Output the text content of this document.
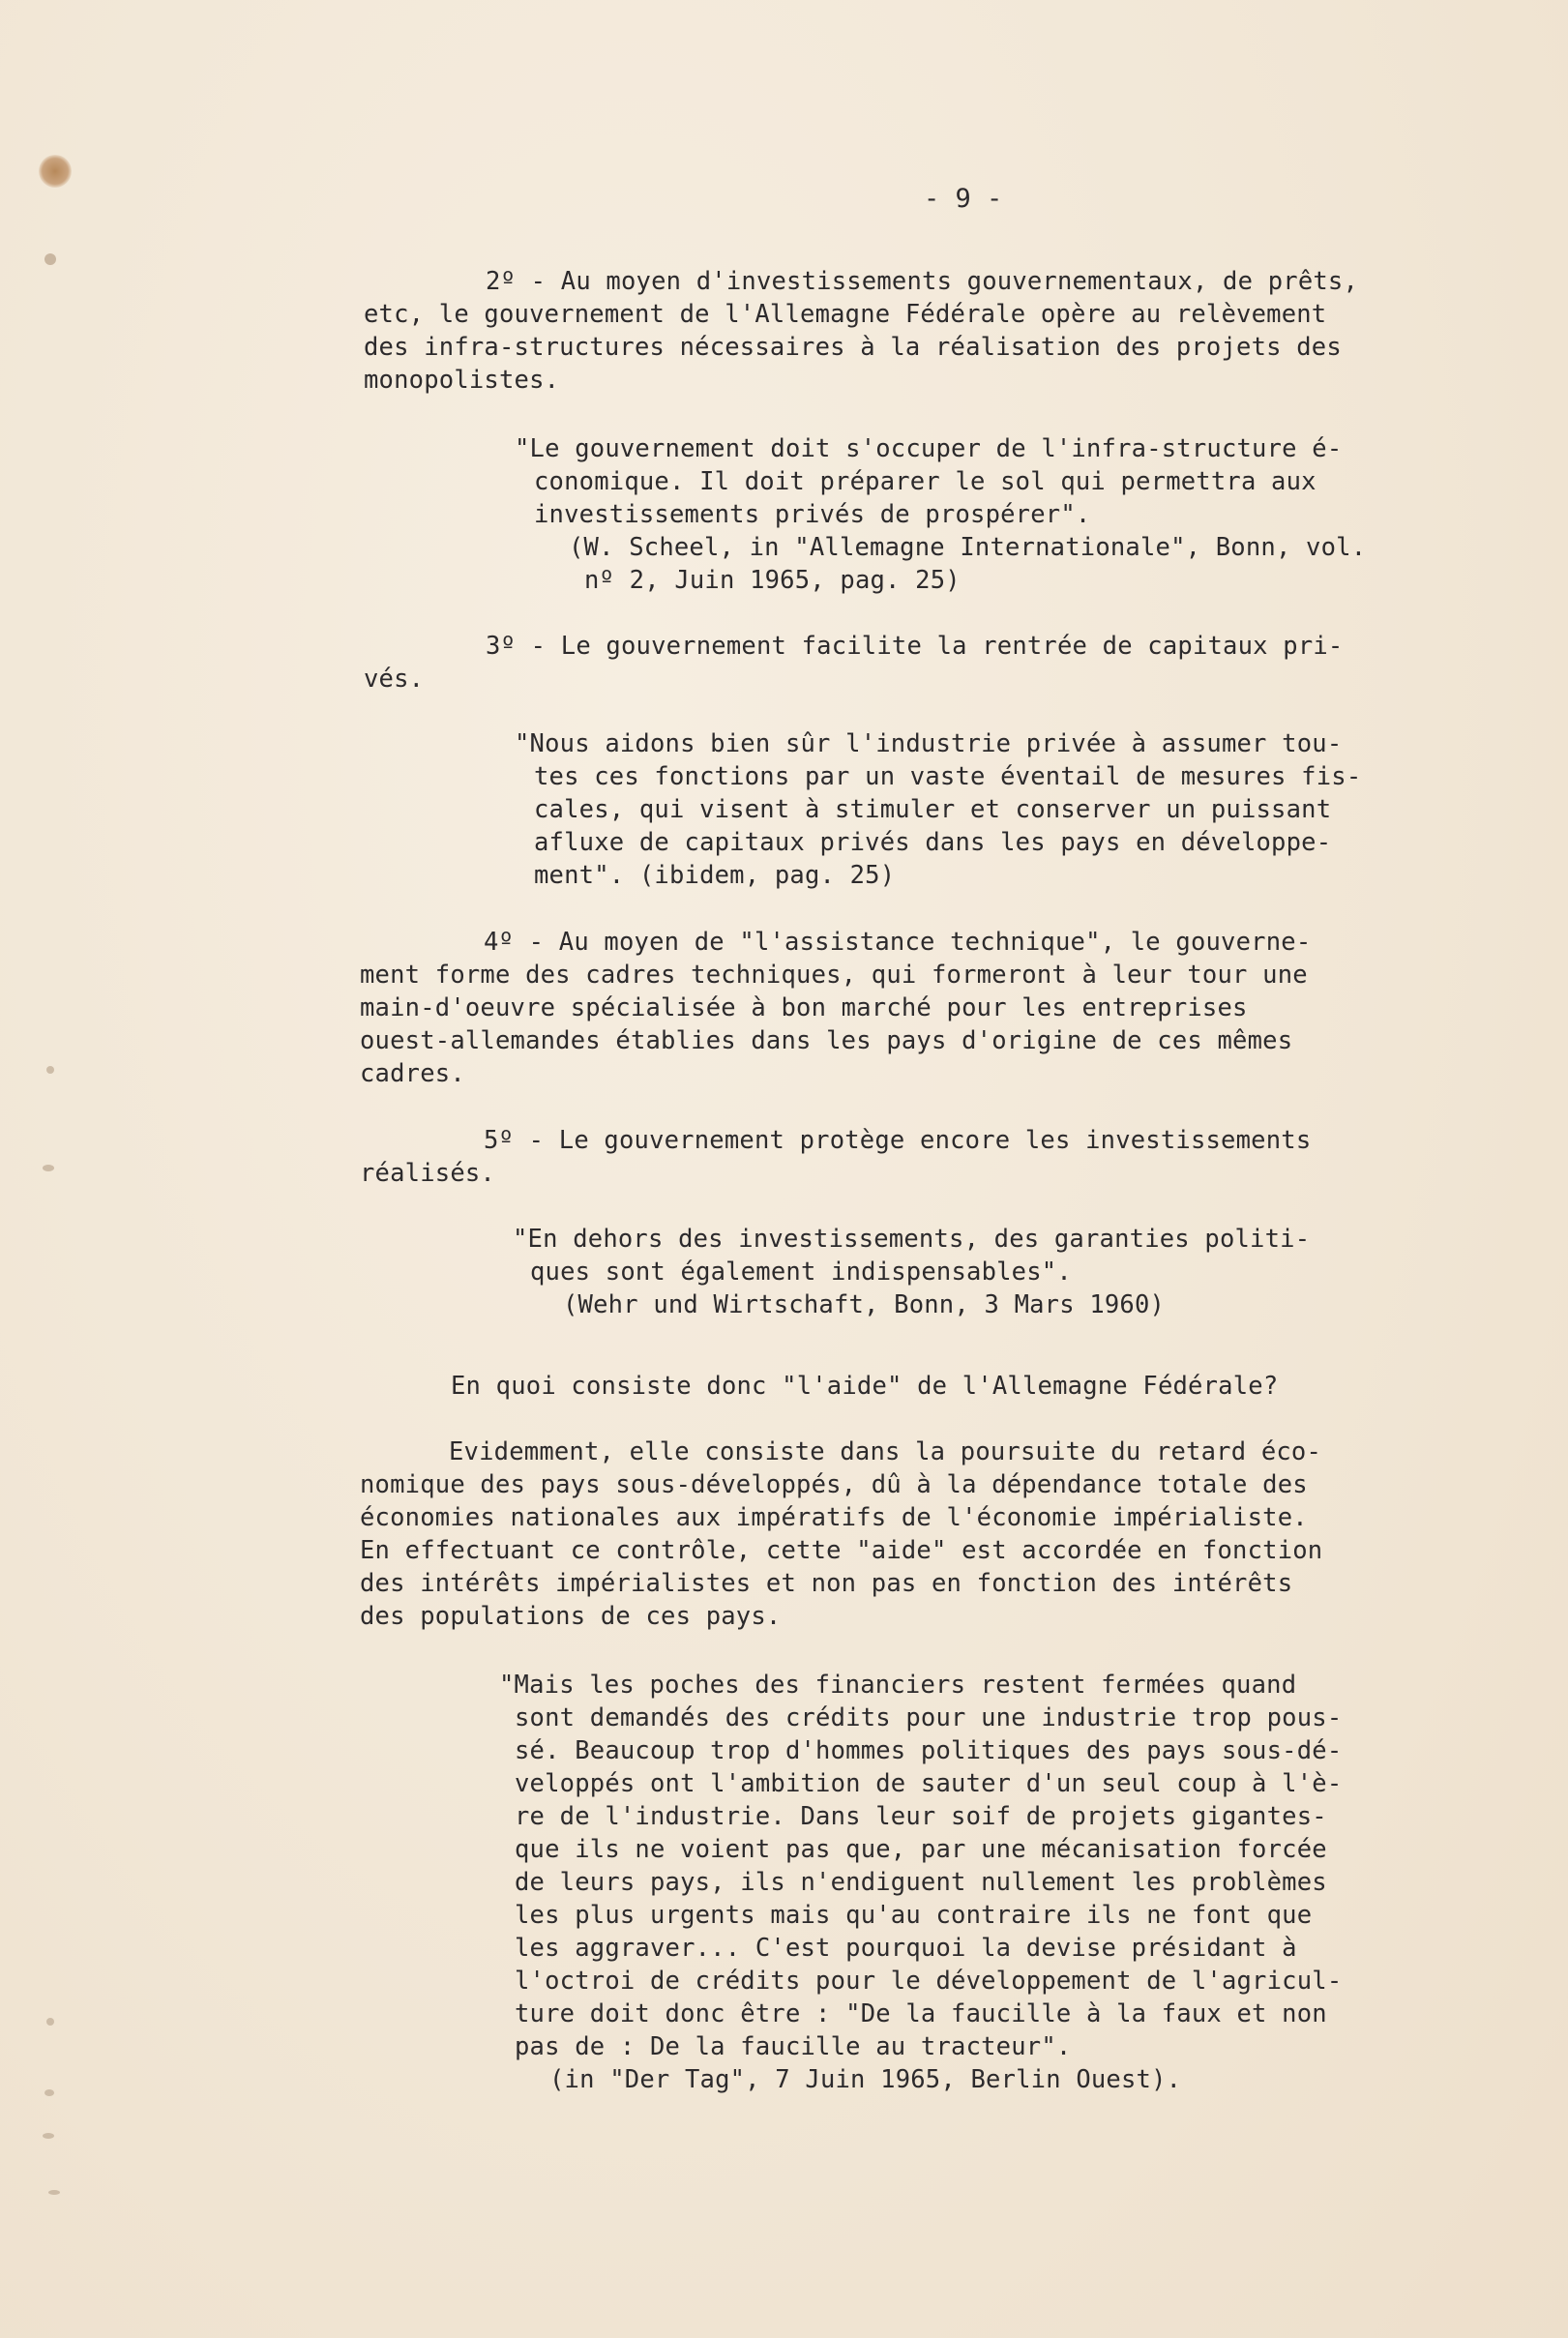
- 9 -
2º - Au moyen d'investissements gouvernementaux, de prêts,
etc, le gouvernement de l'Allemagne Fédérale opère au relèvement
des infra-structures nécessaires à la réalisation des projets des
monopolistes.
"Le gouvernement doit s'occuper de l'infra-structure é-
conomique. Il doit préparer le sol qui permettra aux
investissements privés de prospérer".
(W. Scheel, in "Allemagne Internationale", Bonn, vol.
nº 2, Juin 1965, pag. 25)
3º - Le gouvernement facilite la rentrée de capitaux pri-
vés.
"Nous aidons bien sûr l'industrie privée à assumer tou-
tes ces fonctions par un vaste éventail de mesures fis-
cales, qui visent à stimuler et conserver un puissant
afluxe de capitaux privés dans les pays en développe-
ment". (ibidem, pag. 25)
4º - Au moyen de "l'assistance technique", le gouverne-
ment forme des cadres techniques, qui formeront à leur tour une
main-d'oeuvre spécialisée à bon marché pour les entreprises
ouest-allemandes établies dans les pays d'origine de ces mêmes
cadres.
5º - Le gouvernement protège encore les investissements
réalisés.
"En dehors des investissements, des garanties politi-
ques sont également indispensables".
(Wehr und Wirtschaft, Bonn, 3 Mars 1960)
En quoi consiste donc "l'aide" de l'Allemagne Fédérale?
Evidemment, elle consiste dans la poursuite du retard éco-
nomique des pays sous-développés, dû à la dépendance totale des
économies nationales aux impératifs de l'économie impérialiste.
En effectuant ce contrôle, cette "aide" est accordée en fonction
des intérêts impérialistes et non pas en fonction des intérêts
des populations de ces pays.
"Mais les poches des financiers restent fermées quand
sont demandés des crédits pour une industrie trop pous-
sé. Beaucoup trop d'hommes politiques des pays sous-dé-
veloppés ont l'ambition de sauter d'un seul coup à l'è-
re de l'industrie. Dans leur soif de projets gigantes-
que ils ne voient pas que, par une mécanisation forcée
de leurs pays, ils n'endiguent nullement les problèmes
les plus urgents mais qu'au contraire ils ne font que
les aggraver... C'est pourquoi la devise présidant à
l'octroi de crédits pour le développement de l'agricul-
ture doit donc être : "De la faucille à la faux et non
pas de : De la faucille au tracteur".
(in "Der Tag", 7 Juin 1965, Berlin Ouest).
